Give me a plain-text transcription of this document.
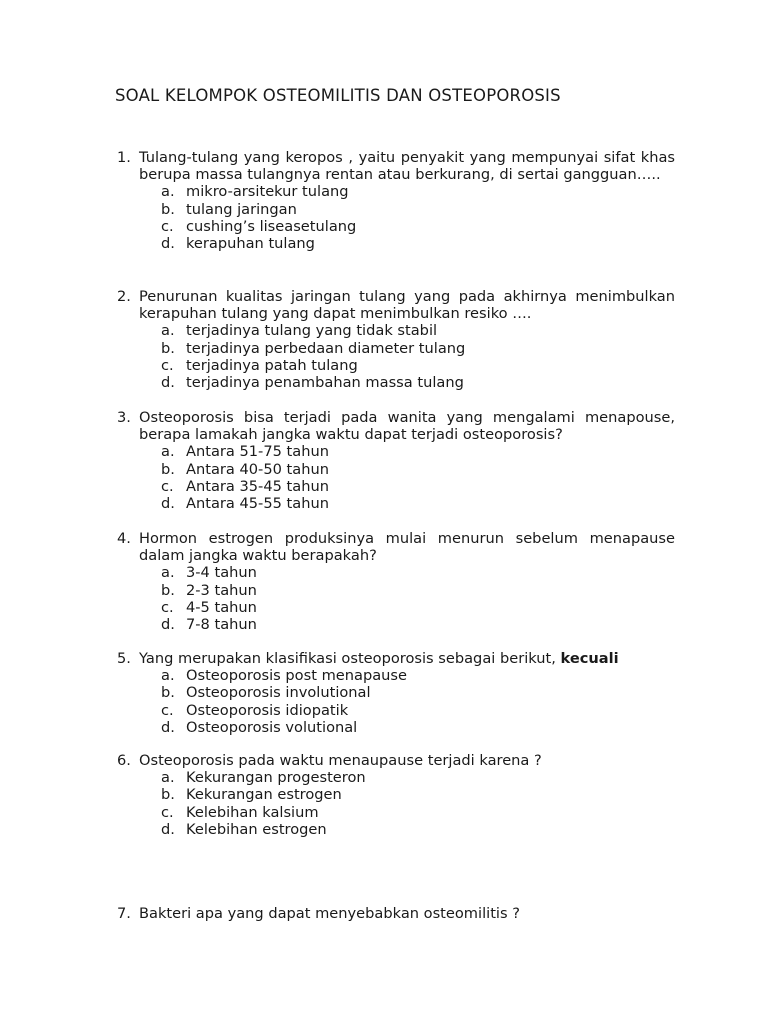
SOAL KELOMPOK OSTEOMILITIS DAN OSTEOPOROSIS
1. Tulang-tulang yang keropos , yaitu penyakit yang mempunyai sifat khas berupa massa tulangnya rentan atau berkurang, di sertai gangguan…..
a. mikro-arsitekur tulang
b. tulang jaringan
c. cushing’s liseasetulang
d. kerapuhan tulang
2. Penurunan kualitas jaringan tulang yang pada akhirnya menimbulkan kerapuhan tulang yang dapat menimbulkan resiko ….
a. terjadinya tulang yang tidak stabil
b. terjadinya perbedaan diameter tulang
c. terjadinya patah tulang
d. terjadinya penambahan massa tulang
3. Osteoporosis bisa terjadi pada wanita yang mengalami menapouse, berapa lamakah jangka waktu dapat terjadi osteoporosis?
a. Antara 51-75 tahun
b. Antara 40-50 tahun
c. Antara 35-45 tahun
d. Antara 45-55 tahun
4. Hormon estrogen produksinya mulai menurun sebelum menapause dalam jangka waktu berapakah?
a. 3-4 tahun
b. 2-3 tahun
c. 4-5 tahun
d. 7-8 tahun
5. Yang merupakan klasifikasi osteoporosis sebagai berikut, kecuali
a. Osteoporosis post menapause
b. Osteoporosis involutional
c. Osteoporosis idiopatik
d. Osteoporosis volutional
6. Osteoporosis pada waktu menaupause terjadi karena ?
a. Kekurangan progesteron
b. Kekurangan estrogen
c. Kelebihan kalsium
d. Kelebihan estrogen
7. Bakteri apa yang dapat menyebabkan osteomilitis ?
